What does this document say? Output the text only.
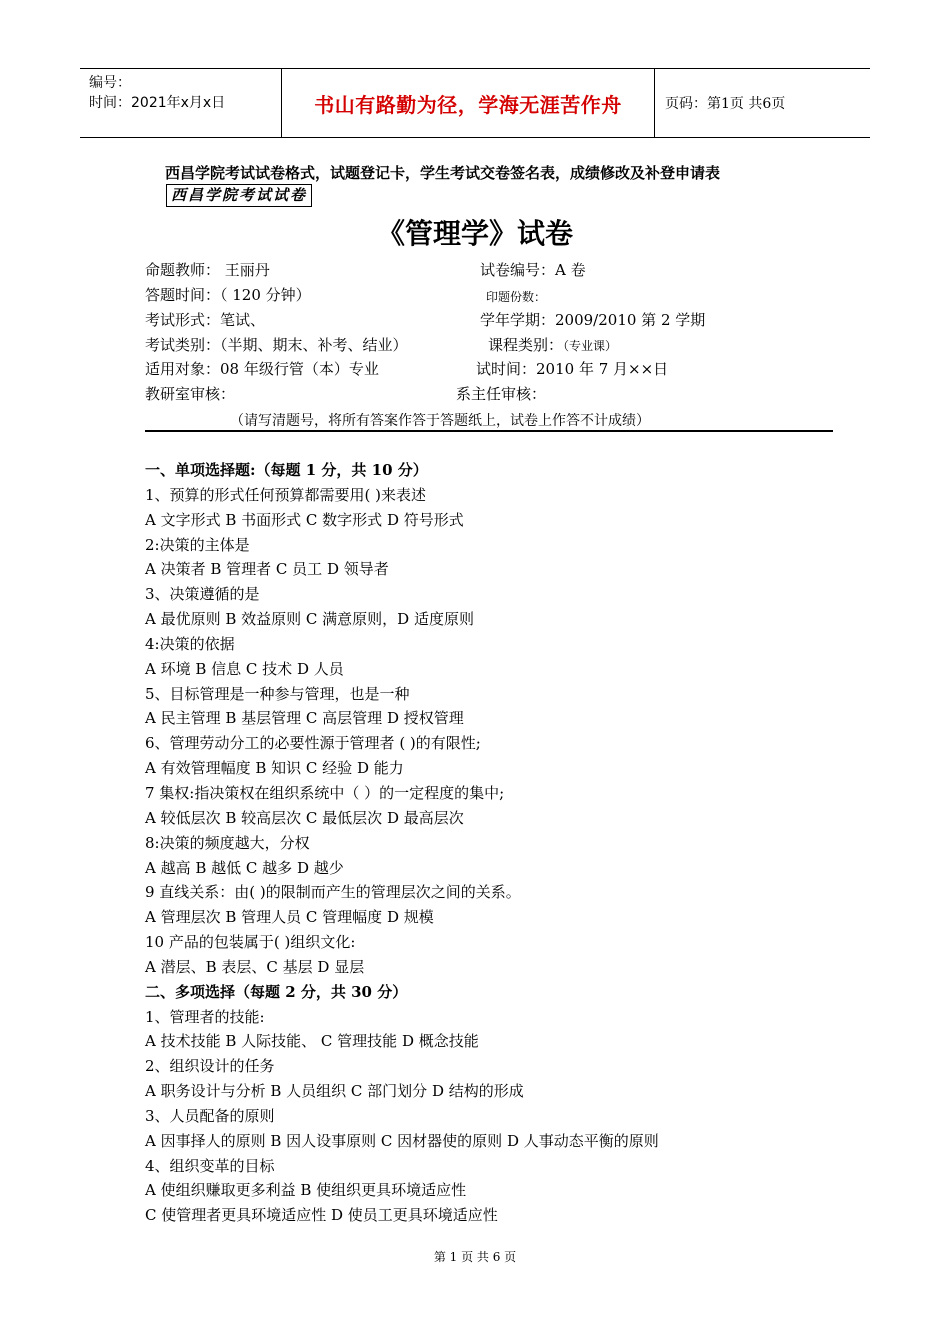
编号：
时间：2021年x月x日	书山有路勤为径，学海无涯苦作舟	页码：第1页 共6页
西昌学院考试试卷格式，试题登记卡，学生考试交卷签名表，成绩修改及补登申请表
西昌学院考试试卷
《管理学》试卷
命题教师： 王丽丹	试卷编号：A 卷
答题时间：（ 120 分钟）	印题份数：
考试形式：笔试、	学年学期：2009/2010 第 2 学期
考试类别：（半期、期末、补考、结业）	课程类别：（专业课）
适用对象：08 年级行管（本）专业	试时间：2010 年 7 月××日
教研室审核：	系主任审核：
（请写清题号，将所有答案作答于答题纸上，试卷上作答不计成绩）
一、单项选择题:（每题 1 分，共 10 分）
1、预算的形式任何预算都需要用( )来表述
A 文字形式 B 书面形式 C 数字形式 D 符号形式
2:决策的主体是
A 决策者 B 管理者 C 员工 D 领导者
3、决策遵循的是
A 最优原则 B 效益原则 C 满意原则，D 适度原则
4:决策的依据
A 环境 B 信息 C 技术 D 人员
5、目标管理是一种参与管理，也是一种
A 民主管理 B 基层管理 C 高层管理 D 授权管理
6、管理劳动分工的必要性源于管理者 ( )的有限性;
A 有效管理幅度 B 知识 C 经验 D 能力
7 集权:指决策权在组织系统中（ ）的一定程度的集中;
A 较低层次 B 较高层次 C 最低层次 D 最高层次
8:决策的频度越大，分权
A 越高 B 越低 C 越多 D 越少
9 直线关系：由( )的限制而产生的管理层次之间的关系。
A 管理层次 B 管理人员 C 管理幅度 D 规模
10 产品的包装属于( )组织文化:
A 潜层、B 表层、C 基层 D 显层
二、多项选择（每题 2 分，共 30 分）
1、管理者的技能:
A 技术技能 B 人际技能、 C 管理技能 D 概念技能
2、组织设计的任务
A 职务设计与分析 B 人员组织 C 部门划分 D 结构的形成
3、人员配备的原则
A 因事择人的原则 B 因人设事原则 C 因材器使的原则 D 人事动态平衡的原则
4、组织变革的目标
A 使组织赚取更多利益 B 使组织更具环境适应性
C 使管理者更具环境适应性 D 使员工更具环境适应性
第 1 页 共 6 页
